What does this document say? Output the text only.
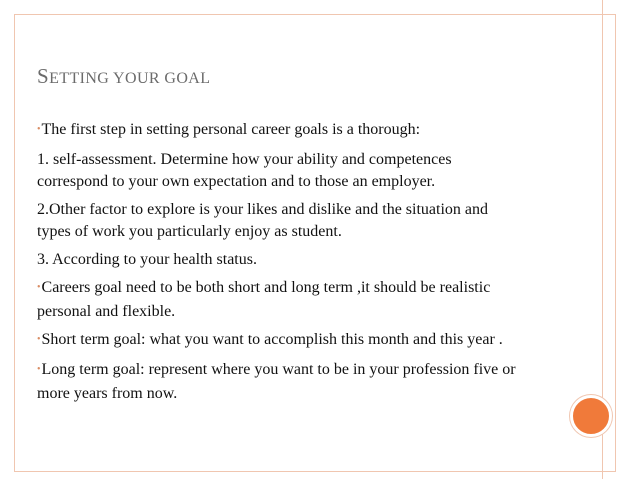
SETTING YOUR GOAL

•The first step in setting personal career goals is a thorough:

1. self-assessment. Determine how your ability and competences correspond to your own expectation and to those an employer.

2.Other factor to explore is your likes and dislike and the situation and types of work you particularly enjoy as student.

3. According to your health status.

•Careers goal need to be both short and long term ,it should be realistic personal and flexible.

•Short term goal: what you want to accomplish this month and this year .

•Long term goal: represent where you want to be in your profession five or more years from now.
